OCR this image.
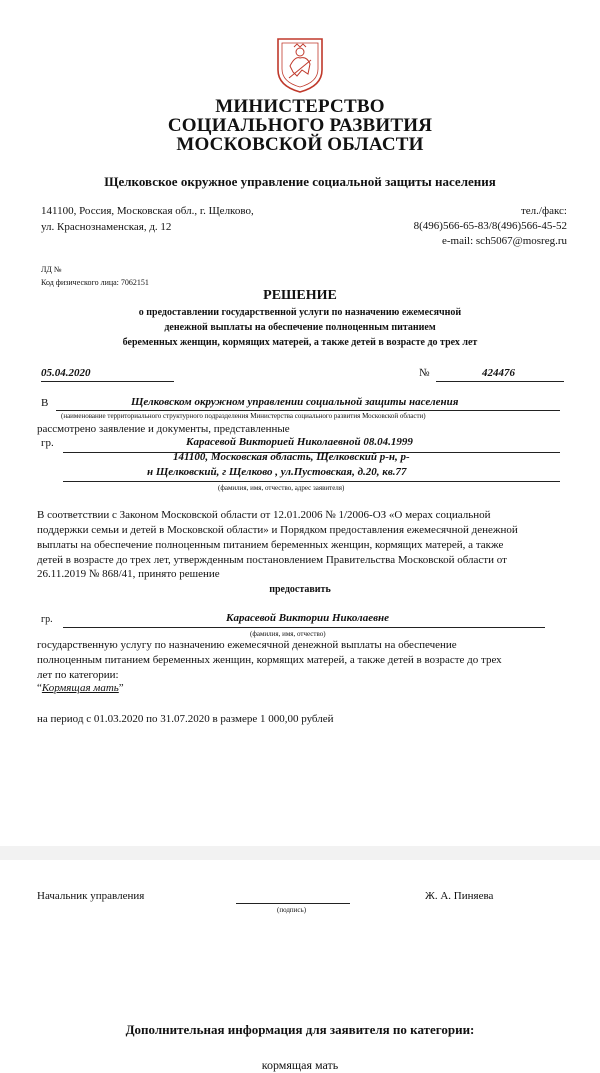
МИНИСТЕРСТВО
СОЦИАЛЬНОГО РАЗВИТИЯ
МОСКОВСКОЙ ОБЛАСТИ
Щелковское окружное управление социальной защиты населения
141100, Россия, Московская обл., г. Щелково,
ул. Краснознаменская, д. 12
тел./факс:
8(496)566-65-83/8(496)566-45-52
e-mail: sch5067@mosreg.ru
ЛД №
Код физического лица: 7062151
РЕШЕНИЕ
о предоставлении государственной услуги по назначению ежемесячной
денежной выплаты на обеспечение полноценным питанием
беременных женщин, кормящих матерей, а также детей в возрасте до трех лет
05.04.2020	№	424476
В	Щелковском окружном управлении социальной защиты населения
(наименование территориального структурного подразделения Министерства социального развития Московской области)
рассмотрено заявление и документы, представленные
гр.	Карасевой Викторией Николаевной 08.04.1999
141100, Московская область, Щелковский р-н, р-
н Щелковский, г Щелково , ул.Пустовская, д.20, кв.77
(фамилия, имя, отчество, адрес заявителя)
В соответствии с Законом Московской области от 12.01.2006 № 1/2006-ОЗ «О мерах социальной
поддержки семьи и детей в Московской области» и Порядком предоставления ежемесячной денежной
выплаты на обеспечение полноценным питанием беременных женщин, кормящих матерей, а также
детей в возрасте до трех лет, утвержденным постановлением Правительства Московской области от
26.11.2019 № 868/41, принято решение
предоставить
гр.	Карасевой Виктории Николаевне
(фамилия, имя, отчество)
государственную услугу по назначению ежемесячной денежной выплаты на обеспечение
полноценным питанием беременных женщин, кормящих матерей, а также детей в возрасте до трех
лет по категории:
“Кормящая мать”
на период с 01.03.2020 по 31.07.2020 в размере 1 000,00 рублей
Начальник управления
(подпись)
Ж. А. Пиняева
Дополнительная информация для заявителя по категории:
кормящая мать
